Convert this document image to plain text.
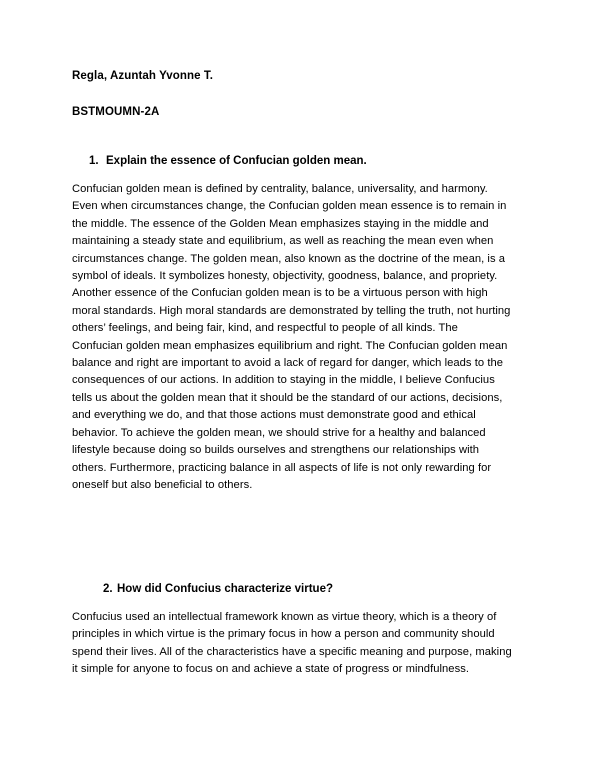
Regla, Azuntah Yvonne T.
BSTMOUMN-2A
1. Explain the essence of Confucian golden mean.
Confucian golden mean is defined by centrality, balance, universality, and harmony.
Even when circumstances change, the Confucian golden mean essence is to remain in
the middle. The essence of the Golden Mean emphasizes staying in the middle and
maintaining a steady state and equilibrium, as well as reaching the mean even when
circumstances change. The golden mean, also known as the doctrine of the mean, is a
symbol of ideals. It symbolizes honesty, objectivity, goodness, balance, and propriety.
Another essence of the Confucian golden mean is to be a virtuous person with high
moral standards. High moral standards are demonstrated by telling the truth, not hurting
others’ feelings, and being fair, kind, and respectful to people of all kinds. The
Confucian golden mean emphasizes equilibrium and right. The Confucian golden mean
balance and right are important to avoid a lack of regard for danger, which leads to the
consequences of our actions. In addition to staying in the middle, I believe Confucius
tells us about the golden mean that it should be the standard of our actions, decisions,
and everything we do, and that those actions must demonstrate good and ethical
behavior. To achieve the golden mean, we should strive for a healthy and balanced
lifestyle because doing so builds ourselves and strengthens our relationships with
others. Furthermore, practicing balance in all aspects of life is not only rewarding for
oneself but also beneficial to others.
2. How did Confucius characterize virtue?
Confucius used an intellectual framework known as virtue theory, which is a theory of
principles in which virtue is the primary focus in how a person and community should
spend their lives. All of the characteristics have a specific meaning and purpose, making
it simple for anyone to focus on and achieve a state of progress or mindfulness.
